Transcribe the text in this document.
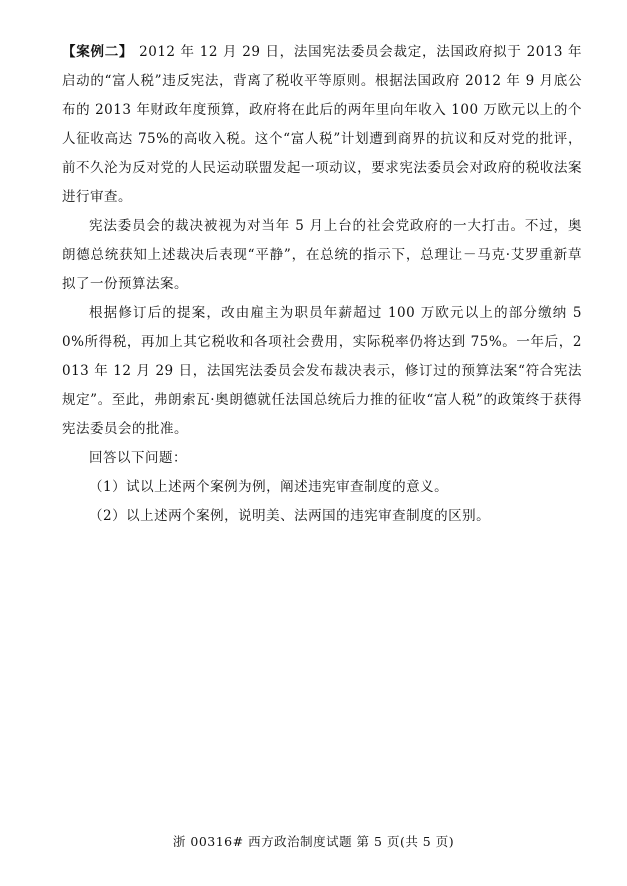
【案例二】 2012 年 12 月 29 日，法国宪法委员会裁定，法国政府拟于 2013 年启动的“富人税”违反宪法，背离了税收平等原则。根据法国政府 2012 年 9 月底公布的 2013 年财政年度预算，政府将在此后的两年里向年收入 100 万欧元以上的个人征收高达 75%的高收入税。这个“富人税”计划遭到商界的抗议和反对党的批评，前不久沦为反对党的人民运动联盟发起一项动议，要求宪法委员会对政府的税收法案进行审查。

宪法委员会的裁决被视为对当年 5 月上台的社会党政府的一大打击。不过，奥朗德总统获知上述裁决后表现“平静”，在总统的指示下，总理让－马克·艾罗重新草拟了一份预算法案。

根据修订后的提案，改由雇主为职员年薪超过 100 万欧元以上的部分缴纳 50%所得税，再加上其它税收和各项社会费用，实际税率仍将达到 75%。一年后，2013 年 12 月 29 日，法国宪法委员会发布裁决表示，修订过的预算法案“符合宪法规定”。至此，弗朗索瓦·奥朗德就任法国总统后力推的征收“富人税”的政策终于获得宪法委员会的批准。

回答以下问题：

（1）试以上述两个案例为例，阐述违宪审查制度的意义。

（2）以上述两个案例，说明美、法两国的违宪审查制度的区别。

浙 00316# 西方政治制度试题 第 5 页(共 5 页)
